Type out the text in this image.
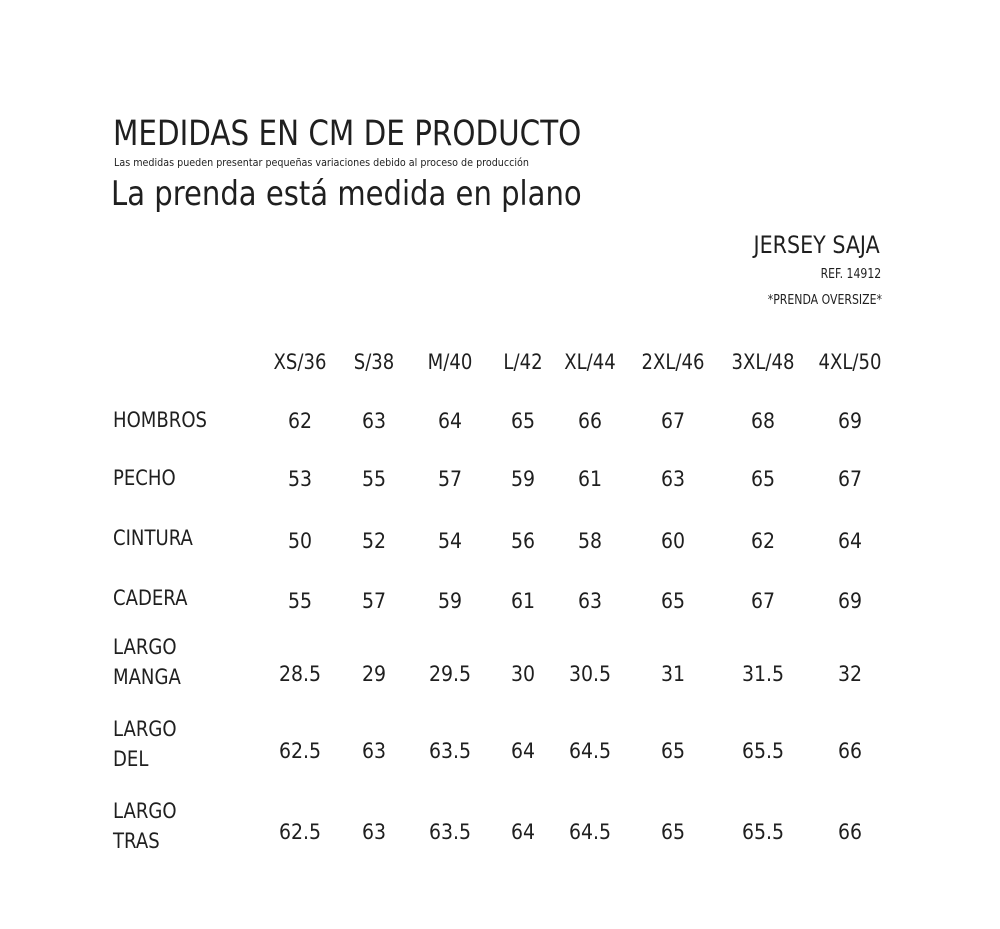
MEDIDAS EN CM DE PRODUCTO
Las medidas pueden presentar pequeñas variaciones debido al proceso de producción
La prenda está medida en plano
JERSEY SAJA
REF. 14912
*PRENDA OVERSIZE*
XS/36 S/38 M/40 L/42 XL/44 2XL/46 3XL/48 4XL/50
HOMBROS	62 63 64 65 66	67	68	69
PECHO	53 55 57 59 61	63	65	67
CINTURA	50 52 54 56 58	60	62	64
CADERA	55 57 59 61 63	65	67	69
LARGO MANGA	28.5 29 29.5 30 30.5 31	31.5	32
LARGO DEL	62.5 63 63.5 64 64.5 65	65.5	66
LARGO TRAS	62.5 63 63.5 64 64.5 65	65.5	66
